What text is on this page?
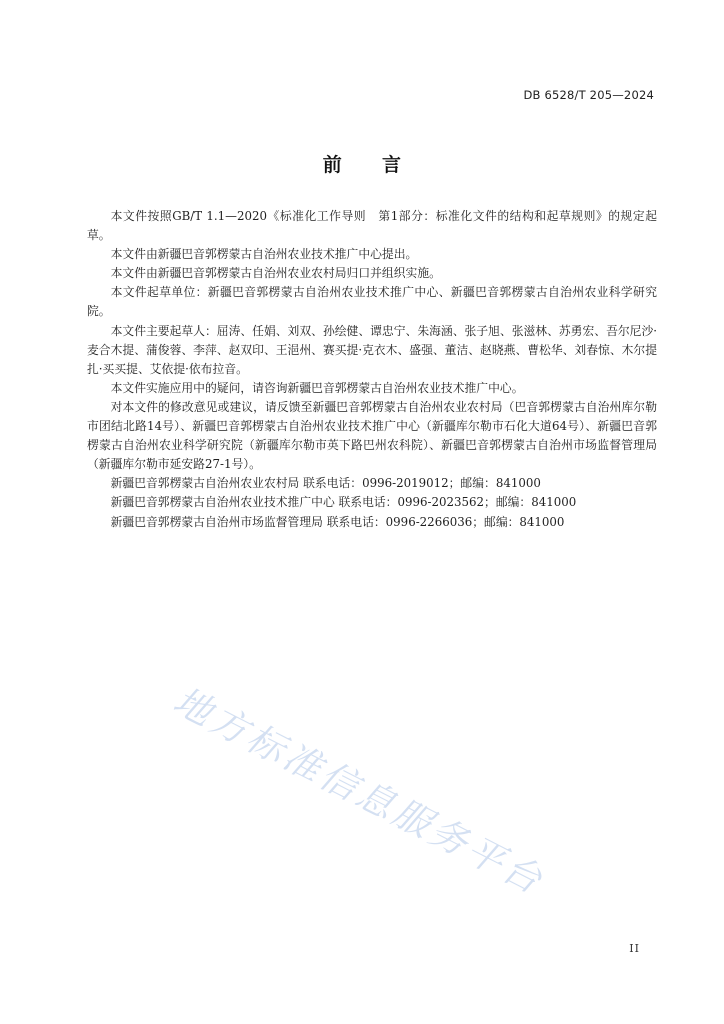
DB 6528/T 205—2024
前 言

本文件按照GB/T 1.1—2020《标准化工作导则　第1部分：标准化文件的结构和起草规则》的规定起草。

本文件由新疆巴音郭楞蒙古自治州农业技术推广中心提出。

本文件由新疆巴音郭楞蒙古自治州农业农村局归口并组织实施。

本文件起草单位：新疆巴音郭楞蒙古自治州农业技术推广中心、新疆巴音郭楞蒙古自治州农业科学研究院。

本文件主要起草人：屈涛、任娟、刘双、孙绘健、谭忠宁、朱海涵、张子旭、张滋林、苏勇宏、吾尔尼沙·麦合木提、蒲俊蓉、李萍、赵双印、王浥州、赛买提·克衣木、盛强、董洁、赵晓燕、曹松华、刘春惊、木尔提扎·买买提、艾依提·依布拉音。

本文件实施应用中的疑问，请咨询新疆巴音郭楞蒙古自治州农业技术推广中心。

对本文件的修改意见或建议，请反馈至新疆巴音郭楞蒙古自治州农业农村局（巴音郭楞蒙古自治州库尔勒市团结北路14号）、新疆巴音郭楞蒙古自治州农业技术推广中心（新疆库尔勒市石化大道64号）、新疆巴音郭楞蒙古自治州农业科学研究院（新疆库尔勒市英下路巴州农科院）、新疆巴音郭楞蒙古自治州市场监督管理局（新疆库尔勒市延安路27-1号）。

新疆巴音郭楞蒙古自治州农业农村局 联系电话：0996-2019012；邮编：841000

新疆巴音郭楞蒙古自治州农业技术推广中心 联系电话：0996-2023562；邮编：841000

新疆巴音郭楞蒙古自治州市场监督管理局 联系电话：0996-2266036；邮编：841000

地方标准信息服务平台
II
